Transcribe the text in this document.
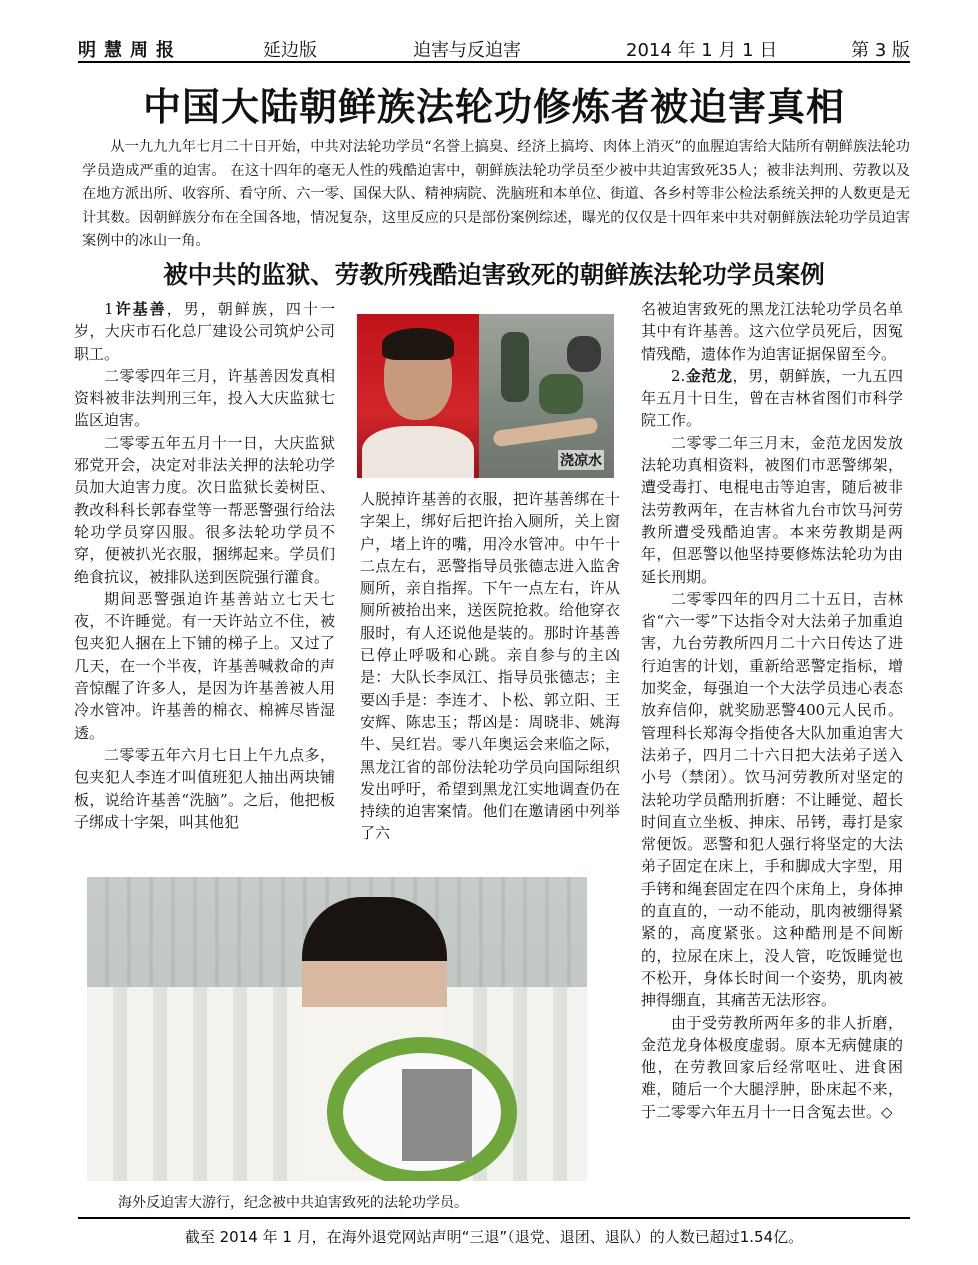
明慧周报	延边版	迫害与反迫害	2014 年 1 月 1 日	第 3 版
中国大陆朝鲜族法轮功修炼者被迫害真相
从一九九九年七月二十日开始，中共对法轮功学员“名誉上搞臭、经济上搞垮、肉体上消灭”的血腥迫害给大陆所有朝鲜族法轮功学员造成严重的迫害。 在这十四年的毫无人性的残酷迫害中，朝鲜族法轮功学员至少被中共迫害致死35人；被非法判刑、劳教以及在地方派出所、收容所、看守所、六一零、国保大队、精神病院、洗脑班和本单位、街道、各乡村等非公检法系统关押的人数更是无计其数。因朝鲜族分布在全国各地，情况复杂，这里反应的只是部份案例综述，曝光的仅仅是十四年来中共对朝鲜族法轮功学员迫害案例中的冰山一角。
被中共的监狱、劳教所残酷迫害致死的朝鲜族法轮功学员案例

1许基善，男，朝鲜族，四十一岁，大庆市石化总厂建设公司筑炉公司职工。

二零零四年三月，许基善因发真相资料被非法判刑三年，投入大庆监狱七监区迫害。

二零零五年五月十一日，大庆监狱邪党开会，决定对非法关押的法轮功学员加大迫害力度。次日监狱长姜树臣、教改科科长郭春堂等一帮恶警强行给法轮功学员穿囚服。很多法轮功学员不穿，便被扒光衣服，捆绑起来。学员们绝食抗议，被排队送到医院强行灌食。

期间恶警强迫许基善站立七天七夜，不许睡觉。有一天许站立不住，被包夹犯人捆在上下铺的梯子上。又过了几天，在一个半夜，许基善喊救命的声音惊醒了许多人，是因为许基善被人用冷水管冲。许基善的棉衣、棉裤尽皆湿透。

二零零五年六月七日上午九点多，包夹犯人李连才叫值班犯人抽出两块铺板，说给许基善“洗脑”。之后，他把板子绑成十字架，叫其他犯

浇凉水

人脱掉许基善的衣服，把许基善绑在十字架上，绑好后把许抬入厕所，关上窗户，堵上许的嘴，用冷水管冲。中午十二点左右，恶警指导员张德志进入监舍厕所，亲自指挥。下午一点左右，许从厕所被抬出来，送医院抢救。给他穿衣服时，有人还说他是装的。那时许基善已停止呼吸和心跳。亲自参与的主凶是：大队长李凤江、指导员张德志；主要凶手是：李连才、卜松、郭立阳、王安辉、陈忠玉；帮凶是：周晓非、姚海牛、吴红岩。零八年奥运会来临之际，黑龙江省的部份法轮功学员向国际组织发出呼吁，希望到黑龙江实地调查仍在持续的迫害案情。他们在邀请函中列举了六

名被迫害致死的黑龙江法轮功学员名单其中有许基善。这六位学员死后，因冤情残酷，遗体作为迫害证据保留至今。

2.金范龙，男，朝鲜族，一九五四年五月十日生，曾在吉林省图们市科学院工作。

二零零二年三月末，金范龙因发放法轮功真相资料，被图们市恶警绑架，遭受毒打、电棍电击等迫害，随后被非法劳教两年，在吉林省九台市饮马河劳教所遭受残酷迫害。本来劳教期是两年，但恶警以他坚持要修炼法轮功为由延长刑期。

二零零四年的四月二十五日，吉林省“六一零”下达指令对大法弟子加重迫害，九台劳教所四月二十六日传达了进行迫害的计划，重新给恶警定指标，增加奖金，每强迫一个大法学员违心表态放弃信仰，就奖励恶警400元人民币。管理科长郑海令指使各大队加重迫害大法弟子，四月二十六日把大法弟子送入小号（禁闭）。饮马河劳教所对坚定的法轮功学员酷刑折磨：不让睡觉、超长时间直立坐板、抻床、吊铐，毒打是家常便饭。恶警和犯人强行将坚定的大法弟子固定在床上，手和脚成大字型，用手铐和绳套固定在四个床角上，身体抻的直直的，一动不能动，肌肉被绷得紧紧的，高度紧张。这种酷刑是不间断的，拉尿在床上，没人管，吃饭睡觉也不松开，身体长时间一个姿势，肌肉被抻得绷直，其痛苦无法形容。

由于受劳教所两年多的非人折磨，金范龙身体极度虚弱。原本无病健康的他，在劳教回家后经常呕吐、进食困难，随后一个大腿浮肿，卧床起不来，于二零零六年五月十一日含冤去世。◇

海外反迫害大游行，纪念被中共迫害致死的法轮功学员。
截至 2014 年 1 月，在海外退党网站声明“三退”（退党、退团、退队）的人数已超过1.54亿。
